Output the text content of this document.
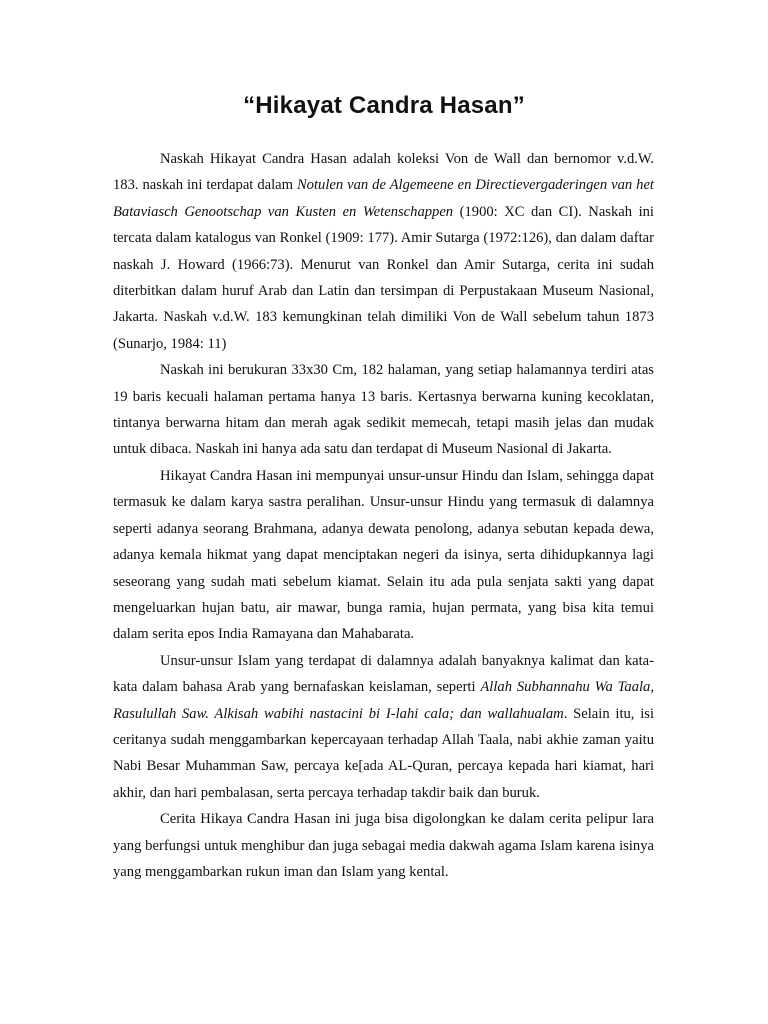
“Hikayat Candra Hasan”

Naskah Hikayat Candra Hasan adalah koleksi Von de Wall dan bernomor v.d.W. 183. naskah ini terdapat dalam Notulen van de Algemeene en Directievergaderingen van het Bataviasch Genootschap van Kusten en Wetenschappen (1900: XC dan CI). Naskah ini tercata dalam katalogus van Ronkel (1909: 177). Amir Sutarga (1972:126), dan dalam daftar naskah J. Howard (1966:73). Menurut van Ronkel dan Amir Sutarga, cerita ini sudah diterbitkan dalam huruf Arab dan Latin dan tersimpan di Perpustakaan Museum Nasional, Jakarta. Naskah v.d.W. 183 kemungkinan telah dimiliki Von de Wall sebelum tahun 1873 (Sunarjo, 1984: 11)

Naskah ini berukuran 33x30 Cm, 182 halaman, yang setiap halamannya terdiri atas 19 baris kecuali halaman pertama hanya 13 baris. Kertasnya berwarna kuning kecoklatan, tintanya berwarna hitam dan merah agak sedikit memecah, tetapi masih jelas dan mudak untuk dibaca. Naskah ini hanya ada satu dan terdapat di Museum Nasional di Jakarta.

Hikayat Candra Hasan ini mempunyai unsur-unsur Hindu dan Islam, sehingga dapat termasuk ke dalam karya sastra peralihan. Unsur-unsur Hindu yang termasuk di dalamnya seperti adanya seorang Brahmana, adanya dewata penolong, adanya sebutan kepada dewa, adanya kemala hikmat yang dapat menciptakan negeri da isinya, serta dihidupkannya lagi seseorang yang sudah mati sebelum kiamat. Selain itu ada pula senjata sakti yang dapat mengeluarkan hujan batu, air mawar, bunga ramia, hujan permata, yang bisa kita temui dalam serita epos India Ramayana dan Mahabarata.

Unsur-unsur Islam yang terdapat di dalamnya adalah banyaknya kalimat dan kata-kata dalam bahasa Arab yang bernafaskan keislaman, seperti Allah Subhannahu Wa Taala, Rasulullah Saw. Alkisah wabihi nastacini bi I-lahi cala; dan wallahualam. Selain itu, isi ceritanya sudah menggambarkan kepercayaan terhadap Allah Taala, nabi akhie zaman yaitu Nabi Besar Muhamman Saw, percaya ke[ada AL-Quran, percaya kepada hari kiamat, hari akhir, dan hari pembalasan, serta percaya terhadap takdir baik dan buruk.

Cerita Hikaya Candra Hasan ini juga bisa digolongkan ke dalam cerita pelipur lara yang berfungsi untuk menghibur dan juga sebagai media dakwah agama Islam karena isinya yang menggambarkan rukun iman dan Islam yang kental.
